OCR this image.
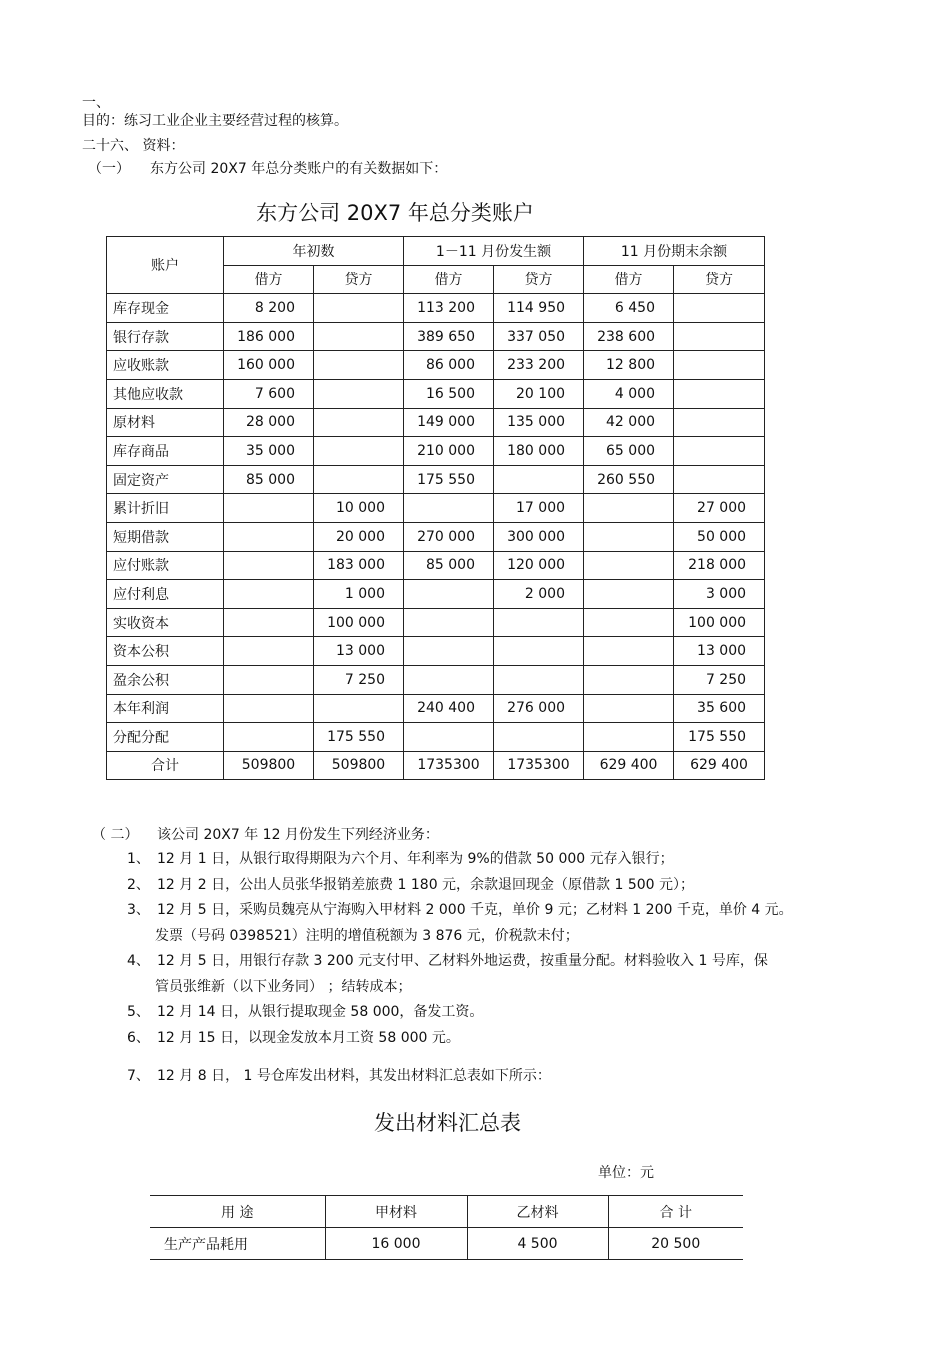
一、
目的：练习工业企业主要经营过程的核算。
二十六、 资料：
（一） 东方公司 20X7 年总分类账户的有关数据如下：
东方公司 20X7 年总分类账户
账户	年初数		1－11 月份发生额		11 月份期末余额	
	借方	贷方	借方	贷方	借方	贷方
库存现金	8 200		113 200	114 950	6 450	
银行存款	186 000		389 650	337 050	238 600	
应收账款	160 000		86 000	233 200	12 800	
其他应收款	7 600		16 500	20 100	4 000	
原材料	28 000		149 000	135 000	42 000	
库存商品	35 000		210 000	180 000	65 000	
固定资产	85 000		175 550		260 550	
累计折旧		10 000		17 000		27 000
短期借款		20 000	270 000	300 000		50 000
应付账款		183 000	85 000	120 000		218 000
应付利息		1 000		2 000		3 000
实收资本		100 000				100 000
资本公积		13 000				13 000
盈余公积		7 250				7 250
本年利润			240 400	276 000		35 600
分配分配		175 550				175 550
合计	509800	509800	1735300	1735300	629 400	629 400
（ 二） 该公司 20X7 年 12 月份发生下列经济业务：
1、 12 月 1 日，从银行取得期限为六个月、年利率为 9%的借款 50 000 元存入银行；
2、 12 月 2 日，公出人员张华报销差旅费 1 180 元，余款退回现金（原借款 1 500 元）；
3、 12 月 5 日，采购员魏亮从宁海购入甲材料 2 000 千克，单价 9 元；乙材料 1 200 千克，单价 4 元。
发票（号码 0398521）注明的增值税额为 3 876 元，价税款未付；
4、 12 月 5 日，用银行存款 3 200 元支付甲、乙材料外地运费，按重量分配。材料验收入 1 号库，保
管员张维新（以下业务同） ；结转成本；
5、 12 月 14 日，从银行提取现金 58 000，备发工资。
6、 12 月 15 日，以现金发放本月工资 58 000 元。
7、 12 月 8 日， 1 号仓库发出材料，其发出材料汇总表如下所示：
发出材料汇总表
单位：元
用 途	甲材料	乙材料	合 计
生产产品耗用	16 000	4 500	20 500
